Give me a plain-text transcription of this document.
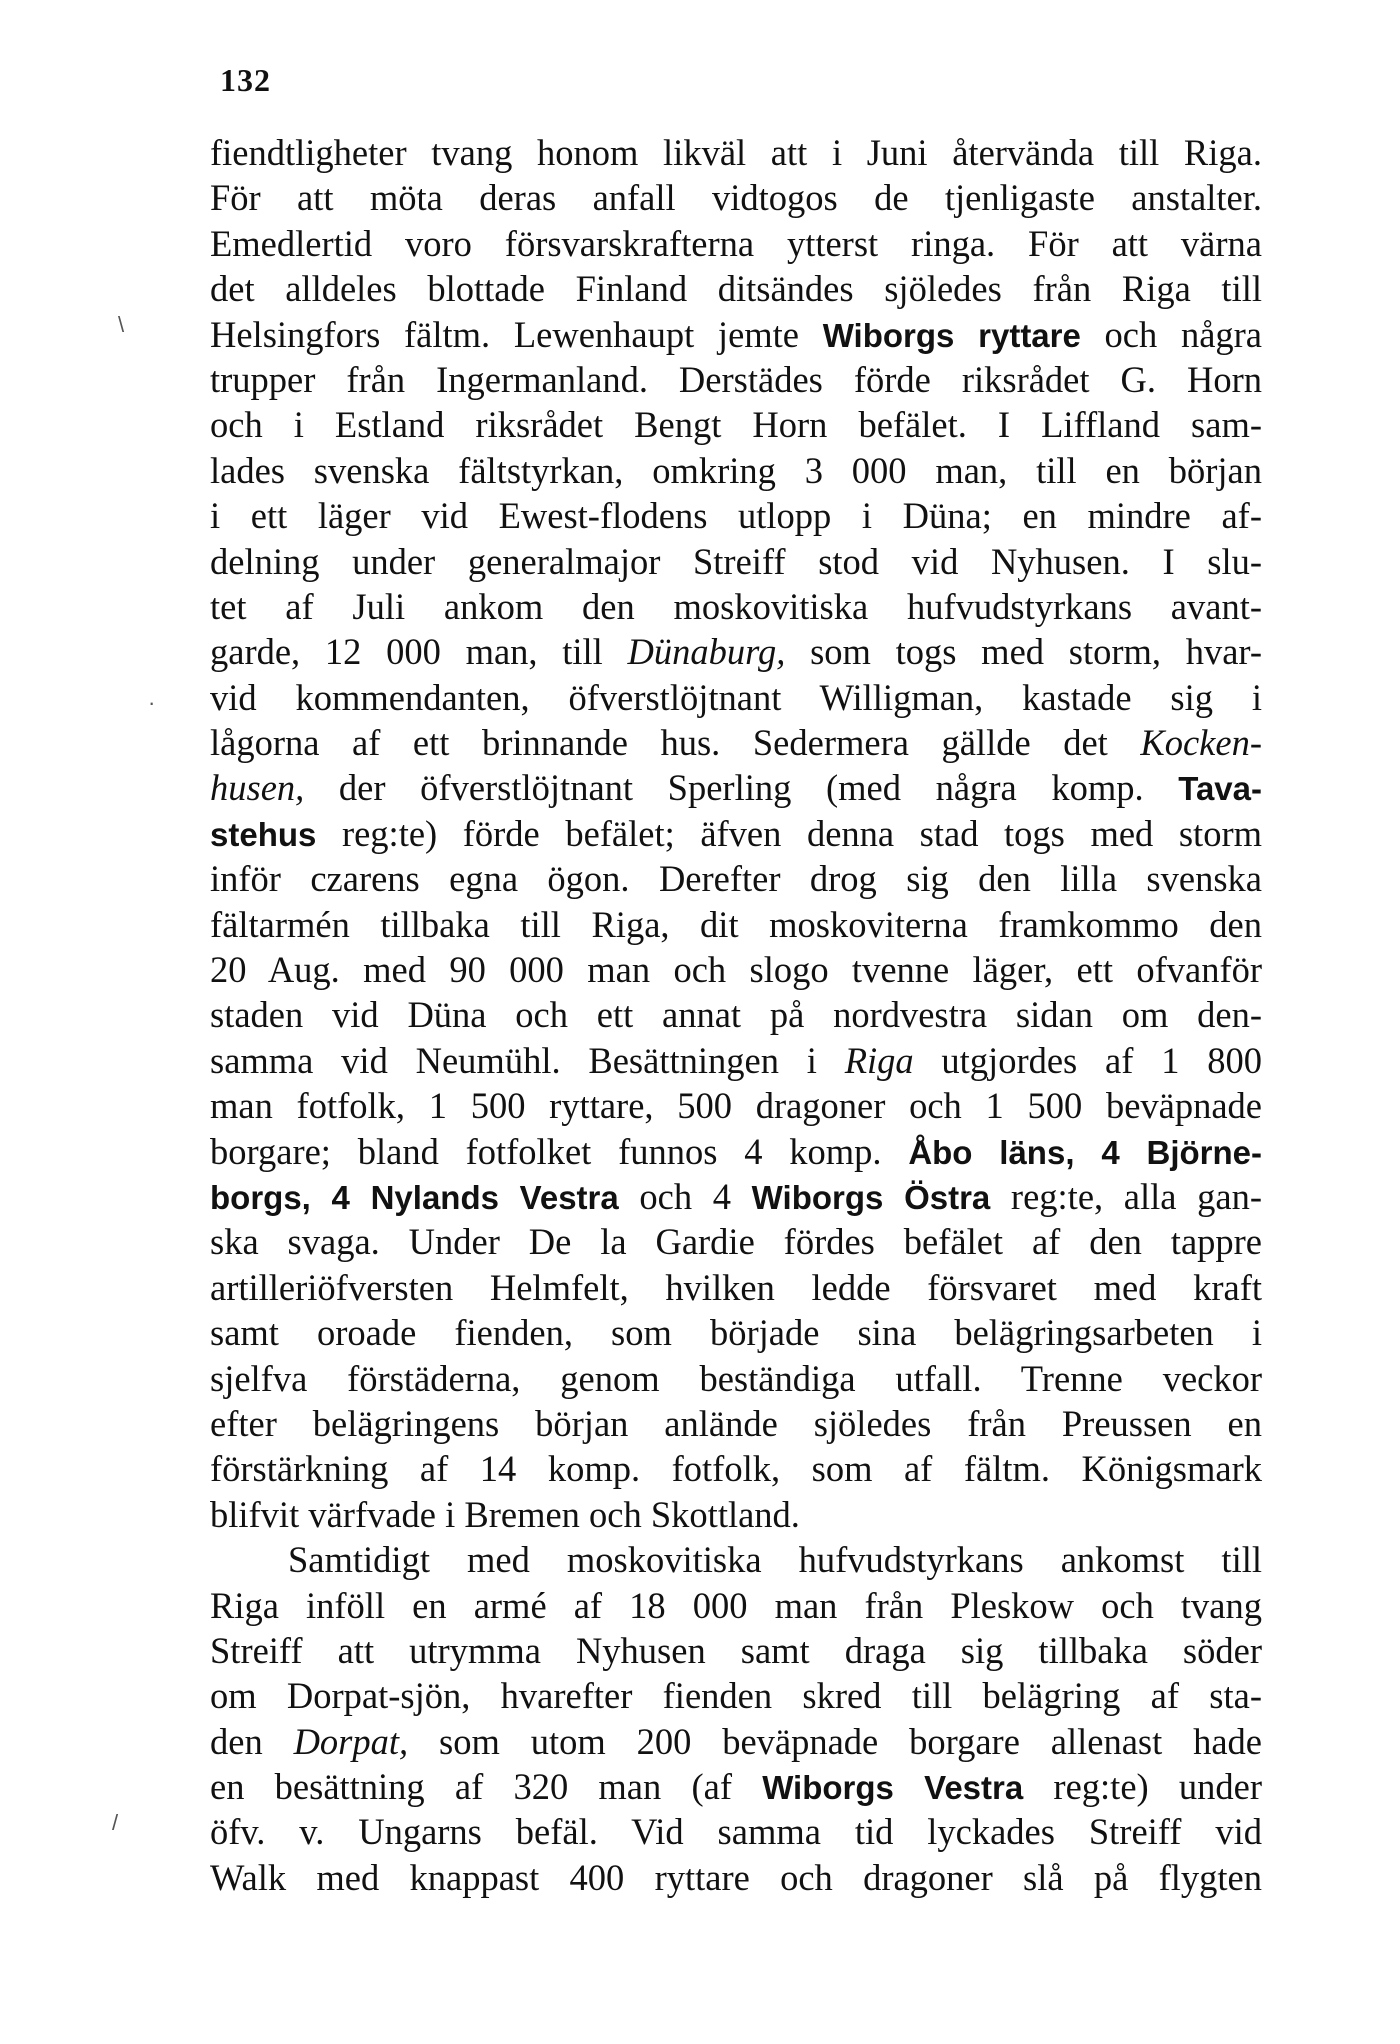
132
fiendtligheter tvang honom likväl att i Juni återvända till Riga.
För att möta deras anfall vidtogos de tjenligaste anstalter.
Emedlertid voro försvarskrafterna ytterst ringa. För att värna
det alldeles blottade Finland ditsändes sjöledes från Riga till
Helsingfors fältm. Lewenhaupt jemte Wiborgs ryttare och några
trupper från Ingermanland. Derstädes förde riksrådet G. Horn
och i Estland riksrådet Bengt Horn befälet. I Liffland sam-
lades svenska fältstyrkan, omkring 3 000 man, till en början
i ett läger vid Ewest-flodens utlopp i Düna; en mindre af-
delning under generalmajor Streiff stod vid Nyhusen. I slu-
tet af Juli ankom den moskovitiska hufvudstyrkans avant-
garde, 12 000 man, till Dünaburg, som togs med storm, hvar-
vid kommendanten, öfverstlöjtnant Willigman, kastade sig i
lågorna af ett brinnande hus. Sedermera gällde det Kocken-
husen, der öfverstlöjtnant Sperling (med några komp. Tava-
stehus reg:te) förde befälet; äfven denna stad togs med storm
inför czarens egna ögon. Derefter drog sig den lilla svenska
fältarmén tillbaka till Riga, dit moskoviterna framkommo den
20 Aug. med 90 000 man och slogo tvenne läger, ett ofvanför
staden vid Düna och ett annat på nordvestra sidan om den-
samma vid Neumühl. Besättningen i Riga utgjordes af 1 800
man fotfolk, 1 500 ryttare, 500 dragoner och 1 500 beväpnade
borgare; bland fotfolket funnos 4 komp. Åbo läns, 4 Björne-
borgs, 4 Nylands Vestra och 4 Wiborgs Östra reg:te, alla gan-
ska svaga. Under De la Gardie fördes befälet af den tappre
artilleriöfversten Helmfelt, hvilken ledde försvaret med kraft
samt oroade fienden, som började sina belägringsarbeten i
sjelfva förstäderna, genom beständiga utfall. Trenne veckor
efter belägringens början anlände sjöledes från Preussen en
förstärkning af 14 komp. fotfolk, som af fältm. Königsmark
blifvit värfvade i Bremen och Skottland.
Samtidigt med moskovitiska hufvudstyrkans ankomst till
Riga inföll en armé af 18 000 man från Pleskow och tvang
Streiff att utrymma Nyhusen samt draga sig tillbaka söder
om Dorpat-sjön, hvarefter fienden skred till belägring af sta-
den Dorpat, som utom 200 beväpnade borgare allenast hade
en besättning af 320 man (af Wiborgs Vestra reg:te) under
öfv. v. Ungarns befäl. Vid samma tid lyckades Streiff vid
Walk med knappast 400 ryttare och dragoner slå på flygten
\
·
/
